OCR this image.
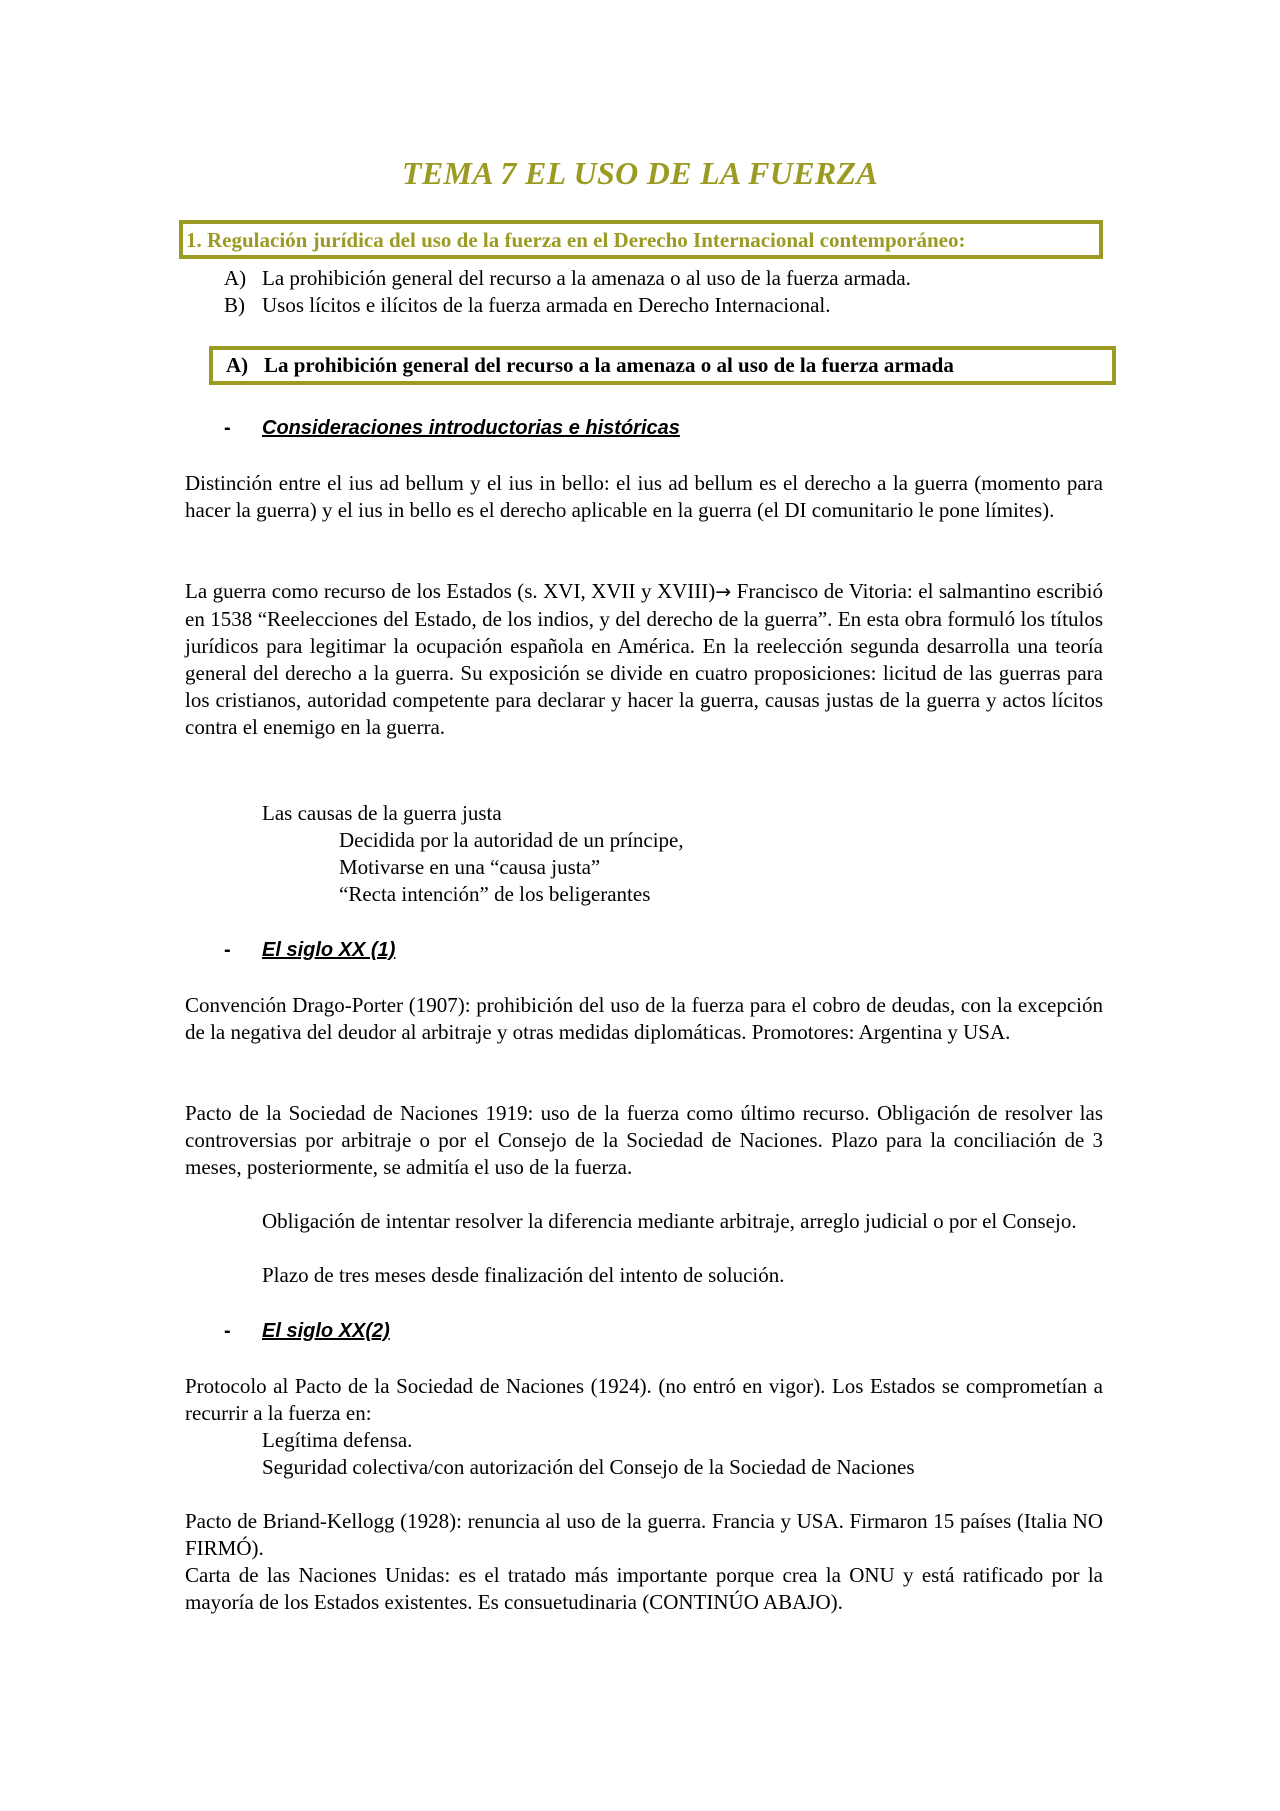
TEMA 7 EL USO DE LA FUERZA
1. Regulación jurídica del uso de la fuerza en el Derecho Internacional contemporáneo:
A) La prohibición general del recurso a la amenaza o al uso de la fuerza armada.
B) Usos lícitos e ilícitos de la fuerza armada en Derecho Internacional.
A) La prohibición general del recurso a la amenaza o al uso de la fuerza armada
- Consideraciones introductorias e históricas

Distinción entre el ius ad bellum y el ius in bello: el ius ad bellum es el derecho a la guerra (momento para hacer la guerra) y el ius in bello es el derecho aplicable en la guerra (el DI comunitario le pone límites).

La guerra como recurso de los Estados (s. XVI, XVII y XVIII)→ Francisco de Vitoria: el salmantino escribió en 1538 “Reelecciones del Estado, de los indios, y del derecho de la guerra”. En esta obra formuló los títulos jurídicos para legitimar la ocupación española en América. En la reelección segunda desarrolla una teoría general del derecho a la guerra. Su exposición se divide en cuatro proposiciones: licitud de las guerras para los cristianos, autoridad competente para declarar y hacer la guerra, causas justas de la guerra y actos lícitos contra el enemigo en la guerra.

Las causas de la guerra justa
Decidida por la autoridad de un príncipe,
Motivarse en una “causa justa”
“Recta intención” de los beligerantes
- El siglo XX (1)

Convención Drago-Porter (1907): prohibición del uso de la fuerza para el cobro de deudas, con la excepción de la negativa del deudor al arbitraje y otras medidas diplomáticas. Promotores: Argentina y USA.

Pacto de la Sociedad de Naciones 1919: uso de la fuerza como último recurso. Obligación de resolver las controversias por arbitraje o por el Consejo de la Sociedad de Naciones. Plazo para la conciliación de 3 meses, posteriormente, se admitía el uso de la fuerza.

Obligación de intentar resolver la diferencia mediante arbitraje, arreglo judicial o por el Consejo.

Plazo de tres meses desde finalización del intento de solución.
- El siglo XX(2)

Protocolo al Pacto de la Sociedad de Naciones (1924). (no entró en vigor). Los Estados se comprometían a recurrir a la fuerza en:

Legítima defensa.
Seguridad colectiva/con autorización del Consejo de la Sociedad de Naciones

Pacto de Briand-Kellogg (1928): renuncia al uso de la guerra. Francia y USA. Firmaron 15 países (Italia NO FIRMÓ).

Carta de las Naciones Unidas: es el tratado más importante porque crea la ONU y está ratificado por la mayoría de los Estados existentes. Es consuetudinaria (CONTINÚO ABAJO).
